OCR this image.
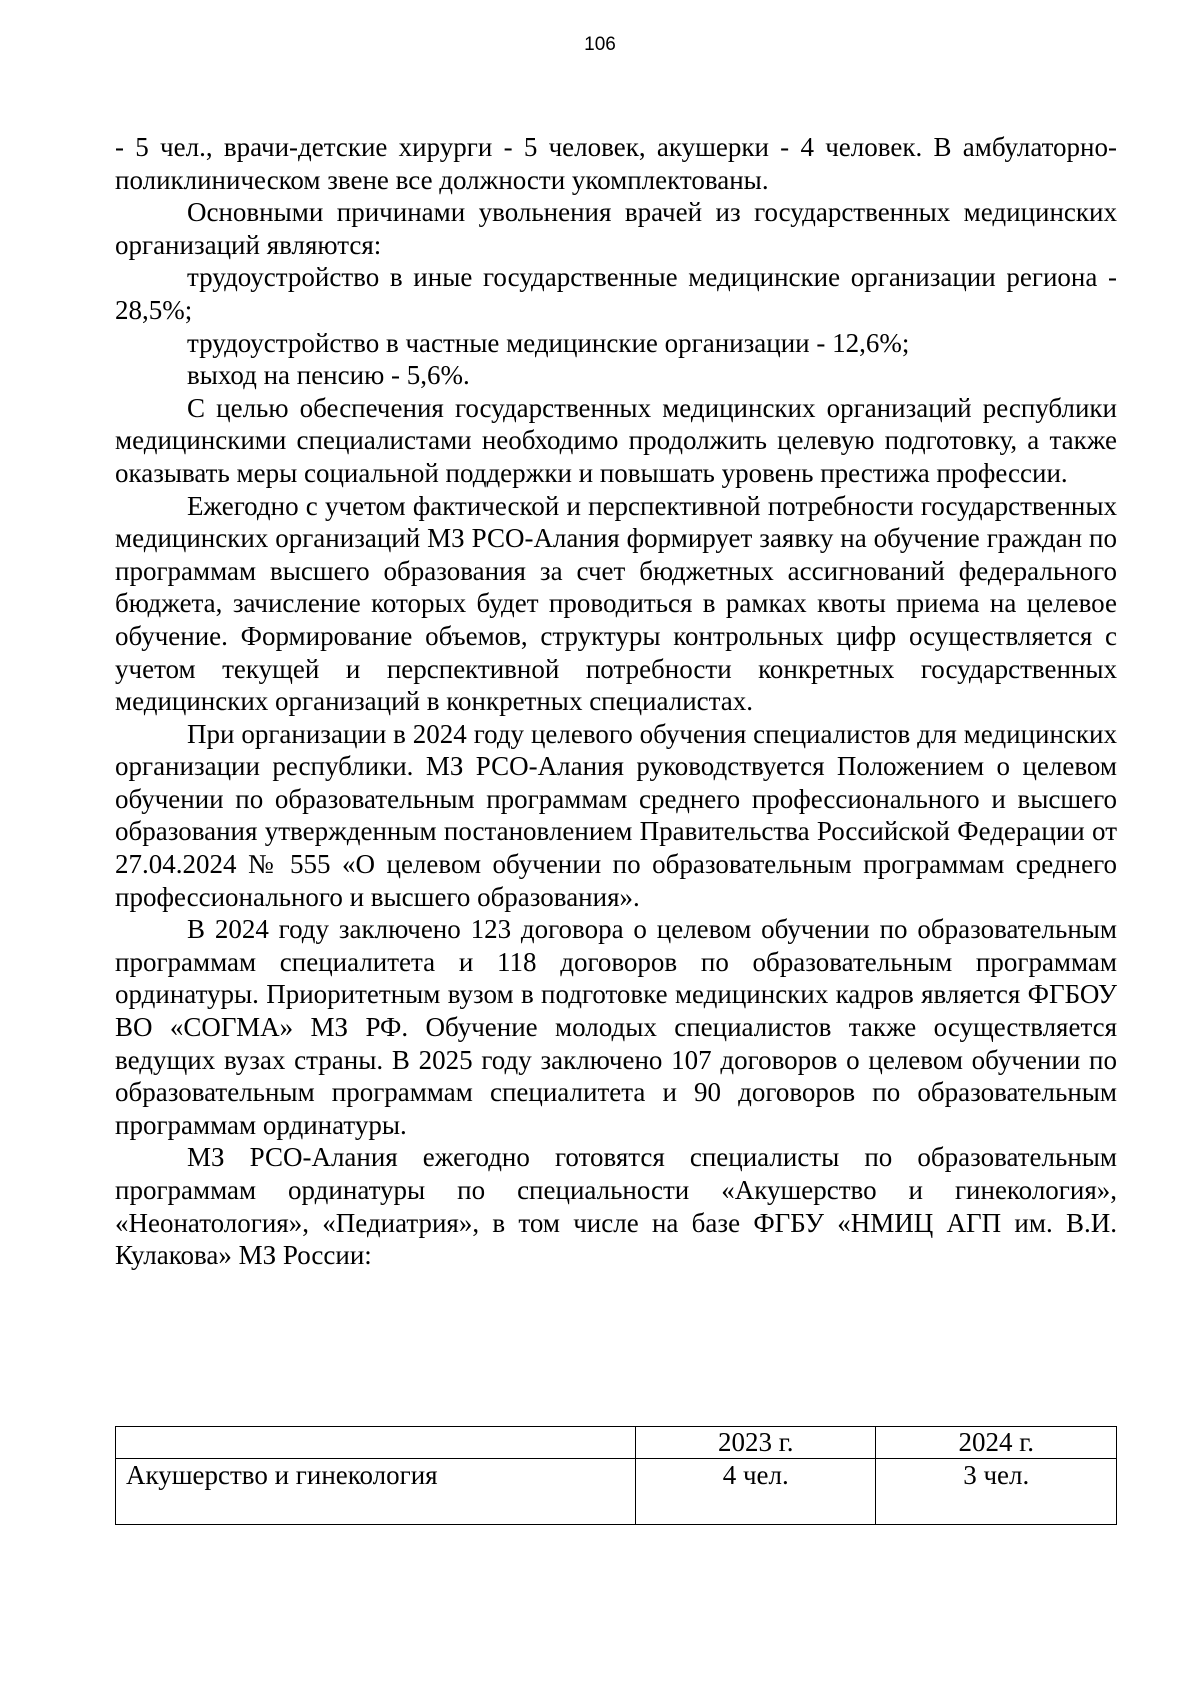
106

- 5 чел., врачи-детские хирурги - 5 человек, акушерки - 4 человек. В амбулаторно-поликлиническом звене все должности укомплектованы.

Основными причинами увольнения врачей из государственных медицинских организаций являются:

трудоустройство в иные государственные медицинские организации региона - 28,5%;

трудоустройство в частные медицинские организации - 12,6%;

выход на пенсию - 5,6%.

С целью обеспечения государственных медицинских организаций республики медицинскими специалистами необходимо продолжить целевую подготовку, а также оказывать меры социальной поддержки и повышать уровень престижа профессии.

Ежегодно с учетом фактической и перспективной потребности государственных медицинских организаций МЗ РСО-Алания формирует заявку на обучение граждан по программам высшего образования за счет бюджетных ассигнований федерального бюджета, зачисление которых будет проводиться в рамках квоты приема на целевое обучение. Формирование объемов, структуры контрольных цифр осуществляется с учетом текущей и перспективной потребности конкретных государственных медицинских организаций в конкретных специалистах.

При организации в 2024 году целевого обучения специалистов для медицинских организации республики. МЗ РСО-Алания руководствуется Положением о целевом обучении по образовательным программам среднего профессионального и высшего образования утвержденным постановлением Правительства Российской Федерации от 27.04.2024 № 555 «О целевом обучении по образовательным программам среднего профессионального и высшего образования».

В 2024 году заключено 123 договора о целевом обучении по образовательным программам специалитета и 118 договоров по образовательным программам ординатуры. Приоритетным вузом в подготовке медицинских кадров является ФГБОУ ВО «СОГМА» МЗ РФ. Обучение молодых специалистов также осуществляется ведущих вузах страны. В 2025 году заключено 107 договоров о целевом обучении по образовательным программам специалитета и 90 договоров по образовательным программам ординатуры.

МЗ РСО-Алания ежегодно готовятся специалисты по образовательным программам ординатуры по специальности «Акушерство и гинекология», «Неонатология», «Педиатрия», в том числе на базе ФГБУ «НМИЦ АГП им. В.И. Кулакова» МЗ России:

	2023 г.	2024 г.
Акушерство и гинекология	4 чел.	3 чел.
